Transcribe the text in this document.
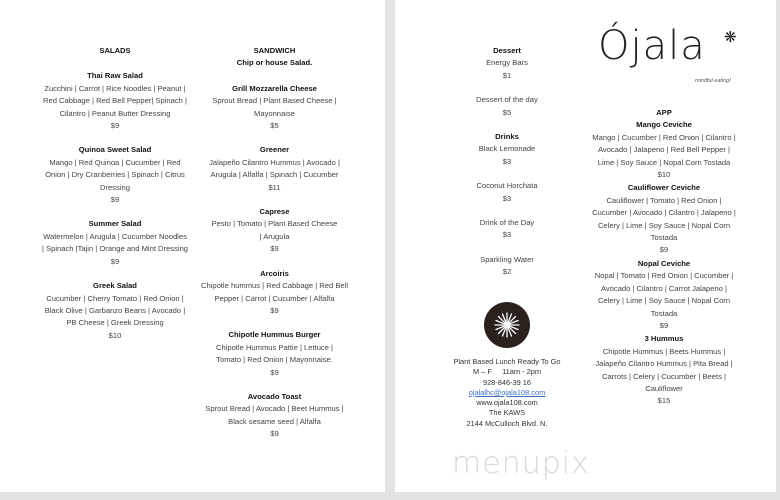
SALADS
Thai Raw Salad
Zucchini | Carrot | Rice Noodles | Peanut |
Red Cabbage | Red Bell Pepper| Spinach |
Cilantro | Peanut Butter Dressing
$9
Quinoa Sweet Salad
Mango | Red Quinoa | Cucumber | Red
Onion | Dry Cranberries | Spinach | Citrus
Dressing
$9
Summer Salad
Watermelon | Arugula | Cucumber Noodles
| Spinach |Tajin | Orange and Mint Dressing
$9
Greek Salad
Cucumber | Cherry Tomato | Red Onion |
Black Olive | Garbanzo Beans | Avocado |
PB Cheese | Greek Dressing
$10
SANDWICH
Chip or house Salad.
Grill Mozzarella Cheese
Sprout Bread | Plant Based Cheese |
Mayonnaise
$5
Greener
Jalapeño Cilantro Hummus | Avocado |
Arugula | Alfalfa | Spinach | Cucumber
$11
Caprese
Pesto | Tomato | Plant Based Cheese
| Arugula
$9
Arcoiris
Chipotle hummus | Red Cabbage | Red Bell
Pepper | Carrot | Cucumber | Alfalfa
$9
Chipotle Hummus Burger
Chipotle Hummus Pattie | Lettuce |
Tomato | Red Onion | Mayonnaise.
$9
Avocado Toast
Sprout Bread | Avocado | Beet Hummus |
Black sesame seed | Alfalfa
$9
Dessert
Energy Bars
$1
Dessert of the day
$5
Drinks
Black Lemonade
$3
Coconut Horchata
$3
Drink of the Day
$3
Sparkling Water
$2
APP
Mango Ceviche
Mango | Cucumber | Red Onion | Cilantro |
Avocado | Jalapeno | Red Bell Pepper |
Lime | Soy Sauce | Nopal Corn Tostada
$10
Cauliflower Ceviche
Cauliflower | Tomato | Red Onion |
Cucumber | Avocado | Cilantro | Jalapeno |
Celery | Lime | Soy Sauce | Nopal Corn
Tostada
$9
Nopal Ceviche
Nopal | Tomato | Red Onion | Cucumber |
Avocado | Cilantro | Carrot Jalapeno |
Celery | Lime | Soy Sauce | Nopal Corn
Tostada
$9
3 Hummus
Chipotle Hummus | Beets Hummus |
Jalapeño Cilantro Hummus | Pita Bread |
Carrots | Celery | Cucumber | Beets |
Cauliflower
$15
Ójala ❋
mindful eating!
Plant Based Lunch Ready To Go
M – F     11am - 2pm
928-846-39 16
ojalalhc@ojala108.com
www.ojala108.com
The KAWS
2144 McCulloch Blvd. N.
menupix
